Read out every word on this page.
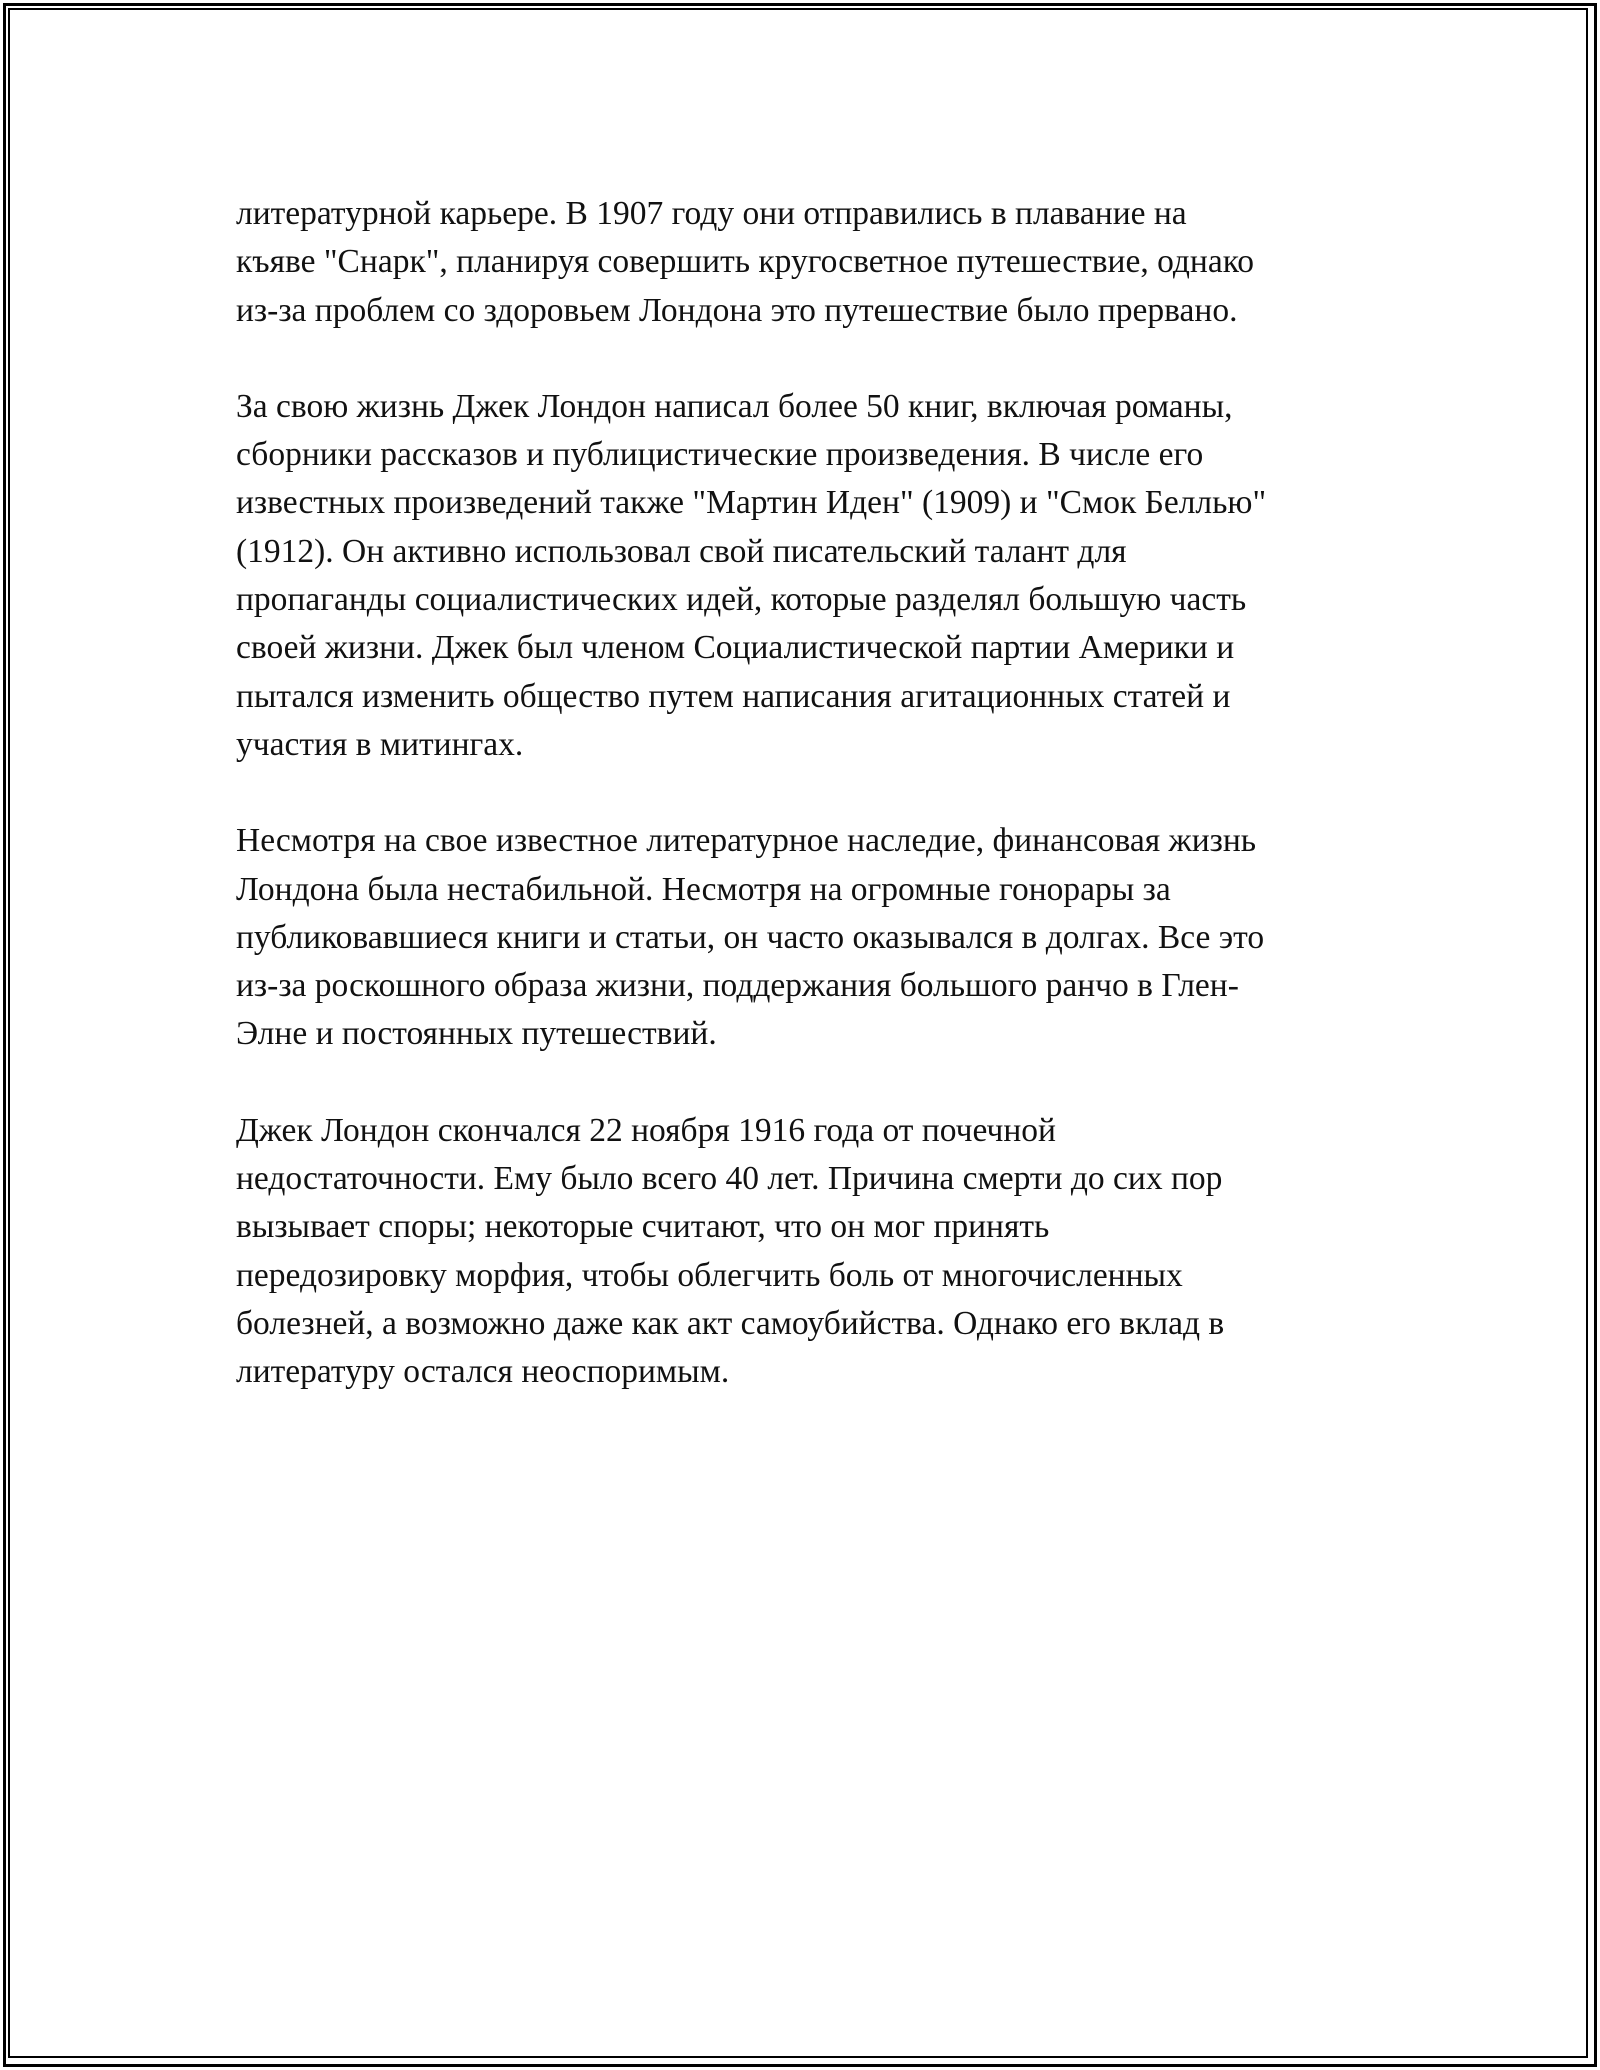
литературной карьере. В 1907 году они отправились в плавание на
къяве "Снарк", планируя совершить кругосветное путешествие, однако
из-за проблем со здоровьем Лондона это путешествие было прервано.

За свою жизнь Джек Лондон написал более 50 книг, включая романы,
сборники рассказов и публицистические произведения. В числе его
известных произведений также "Мартин Иден" (1909) и "Смок Беллью"
(1912). Он активно использовал свой писательский талант для
пропаганды социалистических идей, которые разделял большую часть
своей жизни. Джек был членом Социалистической партии Америки и
пытался изменить общество путем написания агитационных статей и
участия в митингах.

Несмотря на свое известное литературное наследие, финансовая жизнь
Лондона была нестабильной. Несмотря на огромные гонорары за
публиковавшиеся книги и статьи, он часто оказывался в долгах. Все это
из-за роскошного образа жизни, поддержания большого ранчо в Глен-
Элне и постоянных путешествий.

Джек Лондон скончался 22 ноября 1916 года от почечной
недостаточности. Ему было всего 40 лет. Причина смерти до сих пор
вызывает споры; некоторые считают, что он мог принять
передозировку морфия, чтобы облегчить боль от многочисленных
болезней, а возможно даже как акт самоубийства. Однако его вклад в
литературу остался неоспоримым.
